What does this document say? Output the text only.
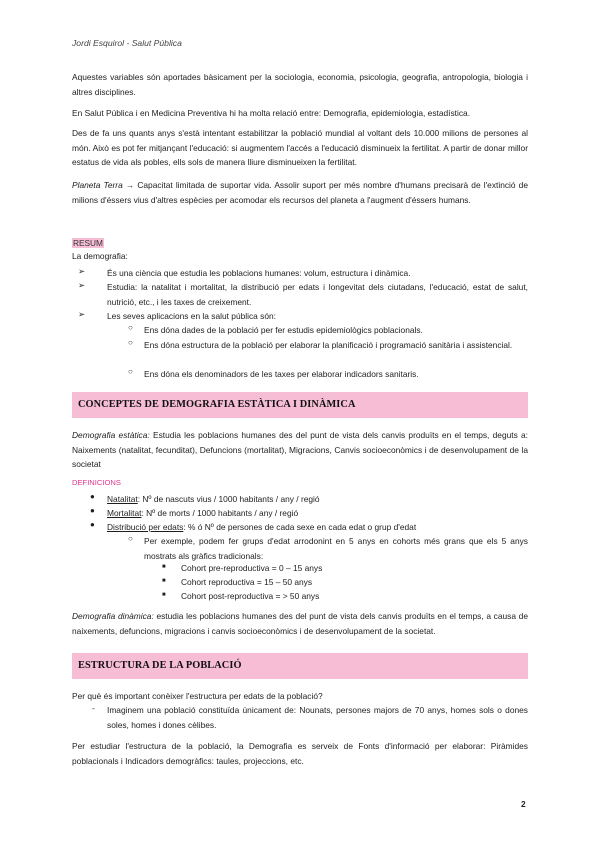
Jordi Esquirol - Salut Pública
Aquestes variables són aportades bàsicament per la sociologia, economia, psicologia, geografia, antropologia, biologia i altres disciplines.
En Salut Pública i en Medicina Preventiva hi ha molta relació entre: Demografia, epidemiologia, estadística.
Des de fa uns quants anys s'està intentant estabilitzar la població mundial al voltant dels 10.000 milions de persones al món. Això es pot fer mitjançant l'educació: si augmentem l'accés a l'educació disminueix la fertilitat. A partir de donar millor estatus de vida als pobles, ells sols de manera lliure disminueixen la fertilitat.
Planeta Terra → Capacitat limitada de suportar vida. Assolir suport per més nombre d'humans precisarà de l'extinció de milions d'éssers vius d'altres espècies per acomodar els recursos del planeta a l'augment d'éssers humans.
RESUM
La demografia:
➢	És una ciència que estudia les poblacions humanes: volum, estructura i dinàmica.
➢	Estudia: la natalitat i mortalitat, la distribució per edats i longevitat dels ciutadans, l'educació, estat de salut, nutrició, etc., i les taxes de creixement.
➢	Les seves aplicacions en la salut pública són:
○ Ens dóna dades de la població per fer estudis epidemiològics poblacionals.
○ Ens dóna estructura de la població per elaborar la planificació i programació sanitària i assistencial.
○ Ens dóna els denominadors de les taxes per elaborar indicadors sanitaris.
CONCEPTES DE DEMOGRAFIA ESTÀTICA I DINÀMICA
Demografia estàtica: Estudia les poblacions humanes des del punt de vista dels canvis produïts en el temps, deguts a: Naixements (natalitat, fecunditat), Defuncions (mortalitat), Migracions, Canvis socioeconòmics i de desenvolupament de la societat
DEFINICIONS
● Natalitat: Nº de nascuts vius / 1000 habitants / any / regió
● Mortalitat: Nº de morts / 1000 habitants / any / regió
● Distribució per edats: % ó Nº de persones de cada sexe en cada edat o grup d'edat
○ Per exemple, podem fer grups d'edat arrodonint en 5 anys en cohorts més grans que els 5 anys mostrats als gràfics tradicionals:
■ Cohort pre-reproductiva = 0 – 15 anys
■ Cohort reproductiva = 15 – 50 anys
■ Cohort post-reproductiva = > 50 anys
Demografia dinàmica: estudia les poblacions humanes des del punt de vista dels canvis produïts en el temps, a causa de naixements, defuncions, migracions i canvis socioeconòmics i de desenvolupament de la societat.
ESTRUCTURA DE LA POBLACIÓ
Per què és important conèixer l'estructura per edats de la població?
- Imaginem una població constituïda únicament de: Nounats, persones majors de 70 anys, homes sols o dones soles, homes i dones cèlibes.
Per estudiar l'estructura de la població, la Demografia es serveix de Fonts d'informació per elaborar: Piràmides poblacionals i Indicadors demogràfics: taules, projeccions, etc.
2
